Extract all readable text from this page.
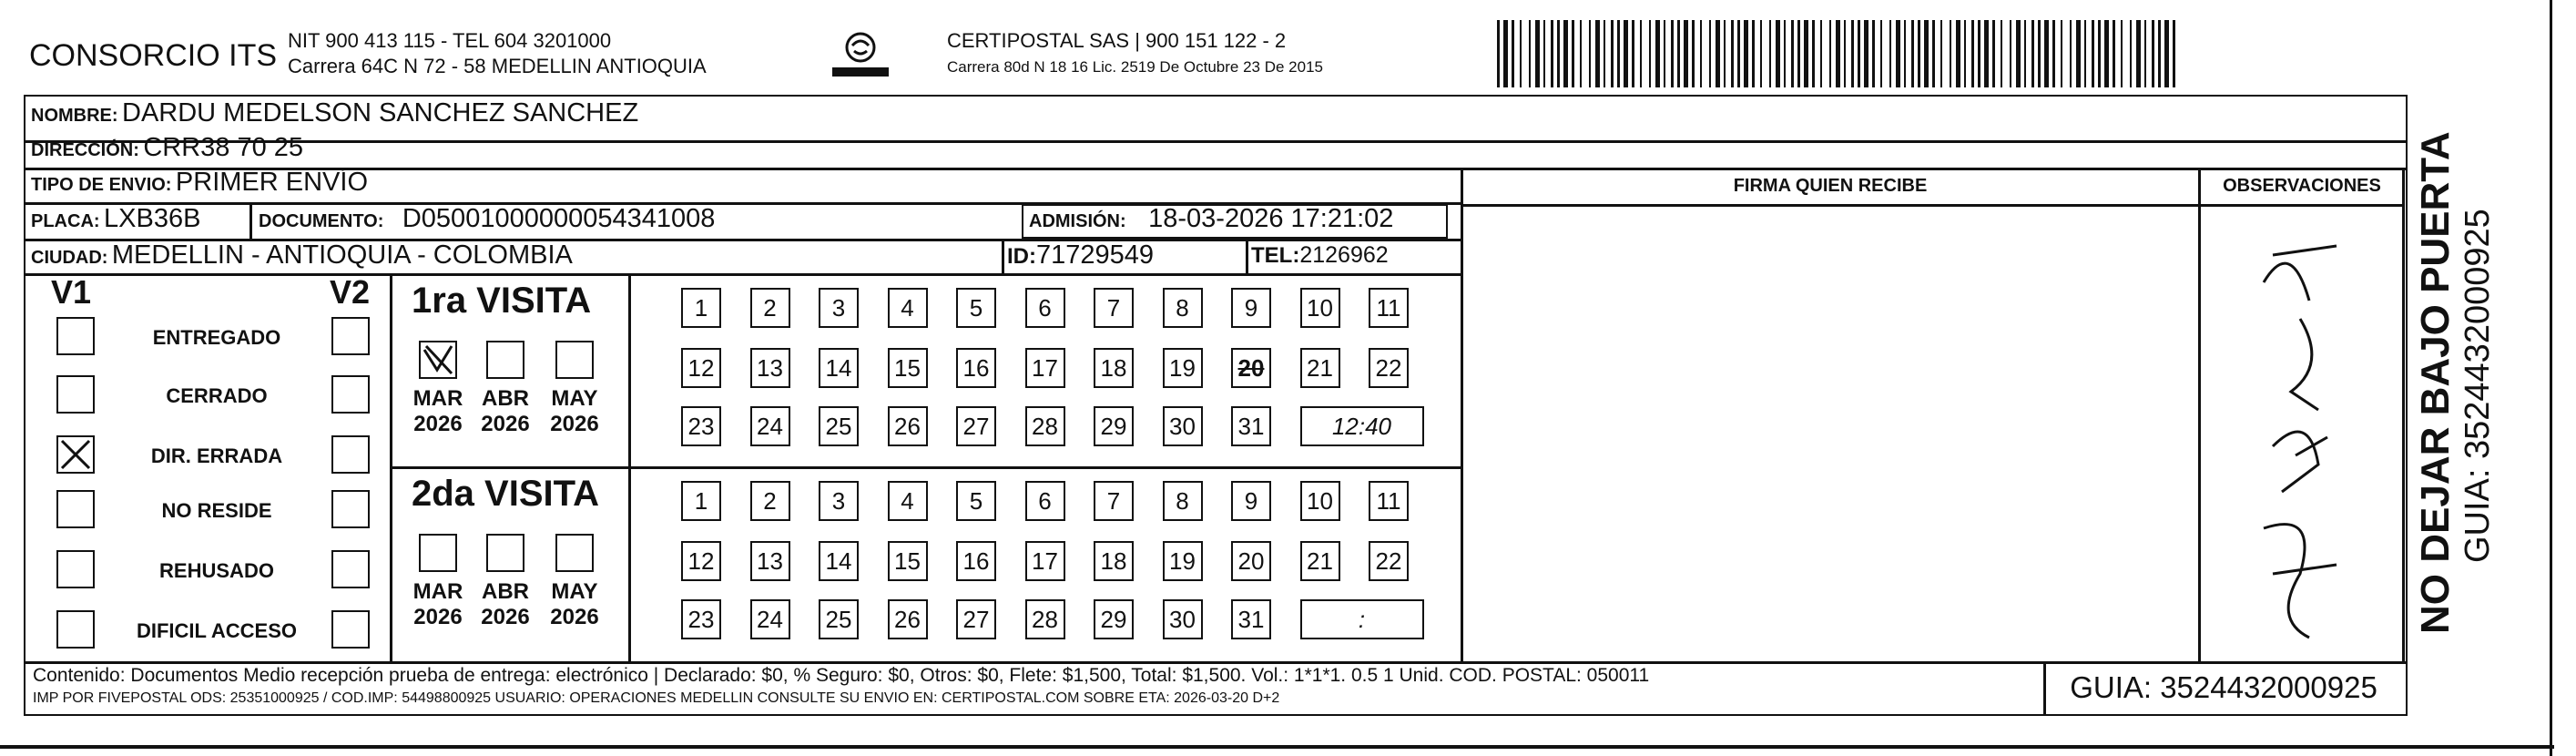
CONSORCIO ITS NIT 900 413 115 - TEL 604 3201000
Carrera 64C N 72 - 58 MEDELLIN ANTIOQUIA
CERTIPOSTAL SAS | 900 151 122 - 2
Carrera 80d N 18 16 Lic. 2519 De Octubre 23 De 2015
NOMBRE: DARDU MEDELSON SANCHEZ SANCHEZ
DIRECCIÓN: CRR38 70 25
FIRMA QUIEN RECIBE	OBSERVACIONES
TIPO DE ENVIO: PRIMER ENVÍO
PLACA: LXB36B	DOCUMENTO: D05001000000054341008	ADMISIÓN: 18-03-2026 17:21:02
CIUDAD: MEDELLIN - ANTIOQUIA - COLOMBIA	ID:71729549	TEL:2126962
V1	V2
ENTREGADO
CERRADO
DIR. ERRADA
NO RESIDE
REHUSADO
DIFICIL ACCESO
1ra VISITA
2da VISITA
MAR
2026
ABR
2026
MAY
2026
1	2	3	4	5	6	7	8	9	10	11
12 13 14 15 16 17 18 19 20 21 22
23 24 25 26 27 28 29 30 31	12:40
MAR
2026
ABR
2026
MAY
2026
1	2	3	4	5	6	7	8	9	10	11
12 13 14 15 16 17 18 19 20 21 22
23 24 25 26 27 28 29 30 31	:
Contenido: Documentos Medio recepción prueba de entrega: electrónico | Declarado: $0, % Seguro: $0, Otros: $0, Flete: $1,500, Total: $1,500. Vol.: 1*1*1. 0.5 1 Unid. COD. POSTAL: 050011
IMP POR FIVEPOSTAL ODS: 25351000925 / COD.IMP: 54498800925 USUARIO: OPERACIONES MEDELLIN CONSULTE SU ENVIO EN: CERTIPOSTAL.COM SOBRE ETA: 2026-03-20 D+2	GUIA: 3524432000925
NO DEJAR BAJO PUERTA GUIA: 3524432000925
